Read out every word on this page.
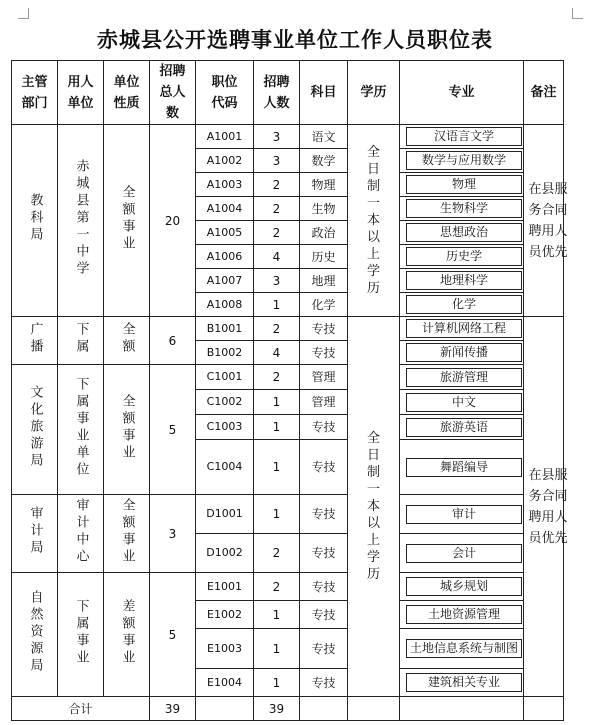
赤城县公开选聘事业单位工作人员职位表
主管部门	用人单位	单位性质	招聘总人数	职位代码	招聘人数	科目	学历	专业	备注
教科局	赤城县第一中学	全额事业	20	A1001	3	语文	全日制一本以上学历	汉语言文学	在县服务合同聘用人员优先
				A1002	3	数学		数学与应用数学	

				A1003	2	物理		物理	

				A1004	2	生物		生物科学	

				A1005	2	政治		思想政治	

				A1006	4	历史		历史学	

				A1007	3	地理		地理科学	

				A1008	1	化学		化学	

广播	下属	全额	6	B1001	2	专技	全日制一本以上学历	计算机网络工程	在县服务合同聘用人员优先
				B1002	4	专技		新闻传播	

文化旅游局	下属事业单位	全额事业	5	C1001	2	管理		旅游管理	

				C1002	1	管理		中文	

				C1003	1	专技		旅游英语	

				C1004	1	专技		舞蹈编导	

审计局	审计中心	全额事业	3	D1001	1	专技		审计	

				D1002	2	专技		会计	

自然资源局	下属事业	差额事业	5	E1001	2	专技		城乡规划	

				E1002	1	专技		土地资源管理	

				E1003	1	专技		土地信息系统与制图	

				E1004	1	专技		建筑相关专业	

合计			39		39				
